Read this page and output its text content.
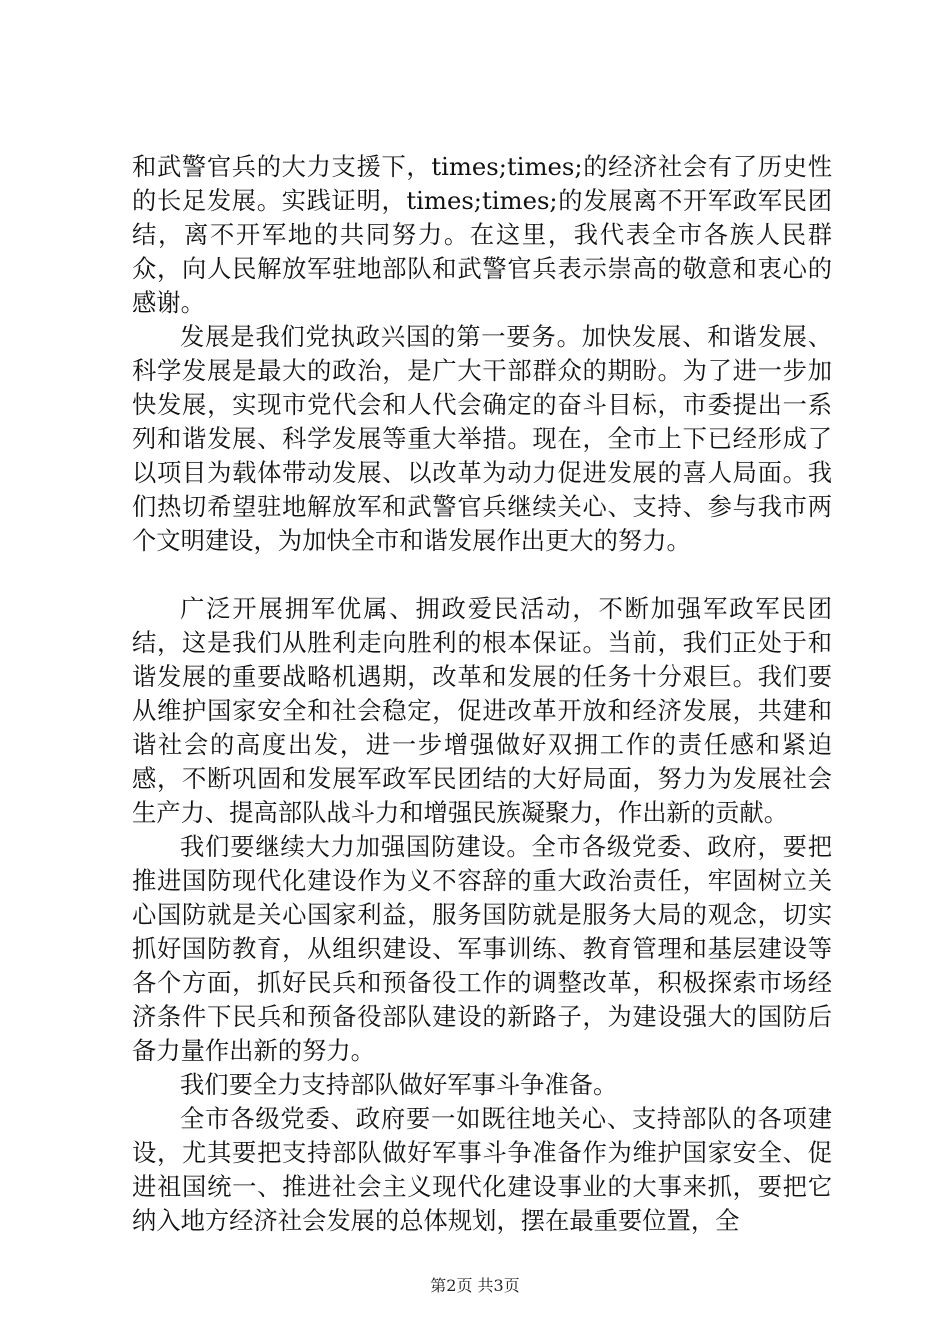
和武警官兵的大力支援下，times;times;的经济社会有了历史性的长足发展。实践证明，times;times;的发展离不开军政军民团结，离不开军地的共同努力。在这里，我代表全市各族人民群众，向人民解放军驻地部队和武警官兵表示崇高的敬意和衷心的感谢。

发展是我们党执政兴国的第一要务。加快发展、和谐发展、科学发展是最大的政治，是广大干部群众的期盼。为了进一步加快发展，实现市党代会和人代会确定的奋斗目标，市委提出一系列和谐发展、科学发展等重大举措。现在，全市上下已经形成了以项目为载体带动发展、以改革为动力促进发展的喜人局面。我们热切希望驻地解放军和武警官兵继续关心、支持、参与我市两个文明建设，为加快全市和谐发展作出更大的努力。

广泛开展拥军优属、拥政爱民活动，不断加强军政军民团结，这是我们从胜利走向胜利的根本保证。当前，我们正处于和谐发展的重要战略机遇期，改革和发展的任务十分艰巨。我们要从维护国家安全和社会稳定，促进改革开放和经济发展，共建和谐社会的高度出发，进一步增强做好双拥工作的责任感和紧迫感，不断巩固和发展军政军民团结的大好局面，努力为发展社会生产力、提高部队战斗力和增强民族凝聚力，作出新的贡献。

我们要继续大力加强国防建设。全市各级党委、政府，要把推进国防现代化建设作为义不容辞的重大政治责任，牢固树立关心国防就是关心国家利益，服务国防就是服务大局的观念，切实抓好国防教育，从组织建设、军事训练、教育管理和基层建设等各个方面，抓好民兵和预备役工作的调整改革，积极探索市场经济条件下民兵和预备役部队建设的新路子，为建设强大的国防后备力量作出新的努力。

我们要全力支持部队做好军事斗争准备。

全市各级党委、政府要一如既往地关心、支持部队的各项建设，尤其要把支持部队做好军事斗争准备作为维护国家安全、促进祖国统一、推进社会主义现代化建设事业的大事来抓，要把它纳入地方经济社会发展的总体规划，摆在最重要位置，全

第2页 共3页
